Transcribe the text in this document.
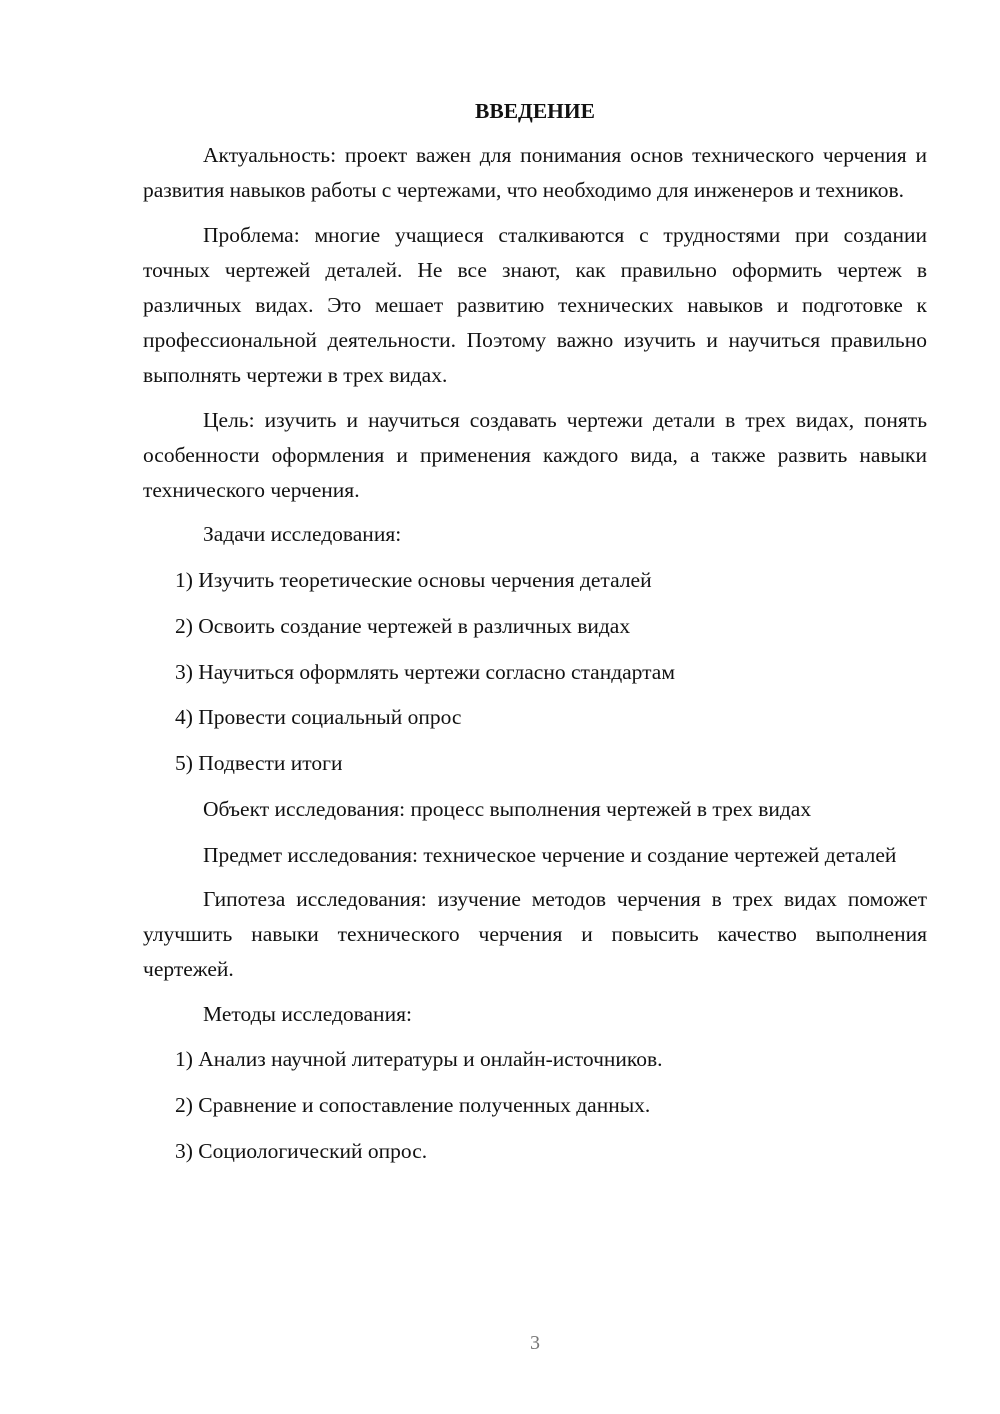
ВВЕДЕНИЕ

Актуальность: проект важен для понимания основ технического черчения и развития навыков работы с чертежами, что необходимо для инженеров и техников.

Проблема: многие учащиеся сталкиваются с трудностями при создании точных чертежей деталей. Не все знают, как правильно оформить чертеж в различных видах. Это мешает развитию технических навыков и подготовке к профессиональной деятельности. Поэтому важно изучить и научиться правильно выполнять чертежи в трех видах.

Цель: изучить и научиться создавать чертежи детали в трех видах, понять особенности оформления и применения каждого вида, а также развить навыки технического черчения.

Задачи исследования:

1) Изучить теоретические основы черчения деталей

2) Освоить создание чертежей в различных видах

3) Научиться оформлять чертежи согласно стандартам

4) Провести социальный опрос

5) Подвести итоги

Объект исследования: процесс выполнения чертежей в трех видах

Предмет исследования: техническое черчение и создание чертежей деталей

Гипотеза исследования: изучение методов черчения в трех видах поможет улучшить навыки технического черчения и повысить качество выполнения чертежей.

Методы исследования:

1) Анализ научной литературы и онлайн-источников.

2) Сравнение и сопоставление полученных данных.

3) Социологический опрос.

3
